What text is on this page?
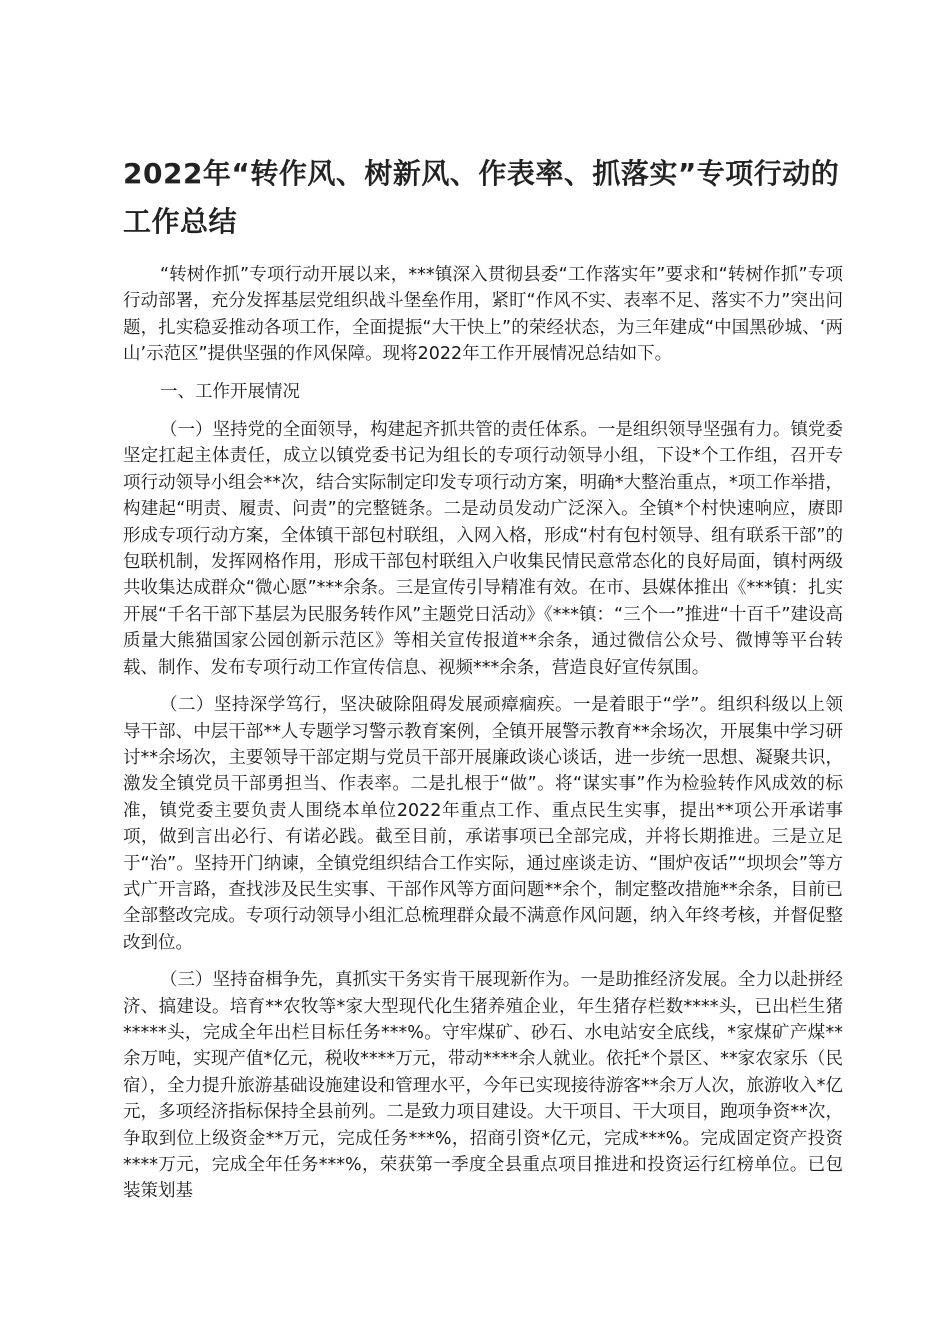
2022年“转作风、树新风、作表率、抓落实”专项行动的工作总结

“转树作抓”专项行动开展以来，***镇深入贯彻县委“工作落实年”要求和“转树作抓”专项行动部署，充分发挥基层党组织战斗堡垒作用，紧盯“作风不实、表率不足、落实不力”突出问题，扎实稳妥推动各项工作，全面提振“大干快上”的荣经状态，为三年建成“中国黑砂城、‘两山’示范区”提供坚强的作风保障。现将2022年工作开展情况总结如下。

一、工作开展情况

（一）坚持党的全面领导，构建起齐抓共管的责任体系。一是组织领导坚强有力。镇党委坚定扛起主体责任，成立以镇党委书记为组长的专项行动领导小组，下设*个工作组，召开专项行动领导小组会**次，结合实际制定印发专项行动方案，明确*大整治重点，*项工作举措，构建起“明责、履责、问责”的完整链条。二是动员发动广泛深入。全镇*个村快速响应，赓即形成专项行动方案，全体镇干部包村联组，入网入格，形成“村有包村领导、组有联系干部”的包联机制，发挥网格作用，形成干部包村联组入户收集民情民意常态化的良好局面，镇村两级共收集达成群众“微心愿”***余条。三是宣传引导精准有效。在市、县媒体推出《***镇：扎实开展“千名干部下基层为民服务转作风”主题党日活动》《***镇：“三个一”推进“十百千”建设高质量大熊猫国家公园创新示范区》等相关宣传报道**余条，通过微信公众号、微博等平台转载、制作、发布专项行动工作宣传信息、视频***余条，营造良好宣传氛围。

（二）坚持深学笃行，坚决破除阻碍发展顽瘴痼疾。一是着眼于“学”。组织科级以上领导干部、中层干部**人专题学习警示教育案例，全镇开展警示教育**余场次，开展集中学习研讨**余场次，主要领导干部定期与党员干部开展廉政谈心谈话，进一步统一思想、凝聚共识，激发全镇党员干部勇担当、作表率。二是扎根于“做”。将“谋实事”作为检验转作风成效的标准，镇党委主要负责人围绕本单位2022年重点工作、重点民生实事，提出**项公开承诺事项，做到言出必行、有诺必践。截至目前，承诺事项已全部完成，并将长期推进。三是立足于“治”。坚持开门纳谏，全镇党组织结合工作实际，通过座谈走访、“围炉夜话”“坝坝会”等方式广开言路，查找涉及民生实事、干部作风等方面问题**余个，制定整改措施**余条，目前已全部整改完成。专项行动领导小组汇总梳理群众最不满意作风问题，纳入年终考核，并督促整改到位。

（三）坚持奋楫争先，真抓实干务实肯干展现新作为。一是助推经济发展。全力以赴拼经济、搞建设。培育**农牧等*家大型现代化生猪养殖企业，年生猪存栏数****头，已出栏生猪*****头，完成全年出栏目标任务***%。守牢煤矿、砂石、水电站安全底线，*家煤矿产煤**余万吨，实现产值*亿元，税收****万元，带动****余人就业。依托*个景区、**家农家乐（民宿），全力提升旅游基础设施建设和管理水平，今年已实现接待游客**余万人次，旅游收入*亿元，多项经济指标保持全县前列。二是致力项目建设。大干项目、干大项目，跑项争资**次，争取到位上级资金**万元，完成任务***%，招商引资*亿元，完成***%。完成固定资产投资****万元，完成全年任务***%，荣获第一季度全县重点项目推进和投资运行红榜单位。已包装策划基
